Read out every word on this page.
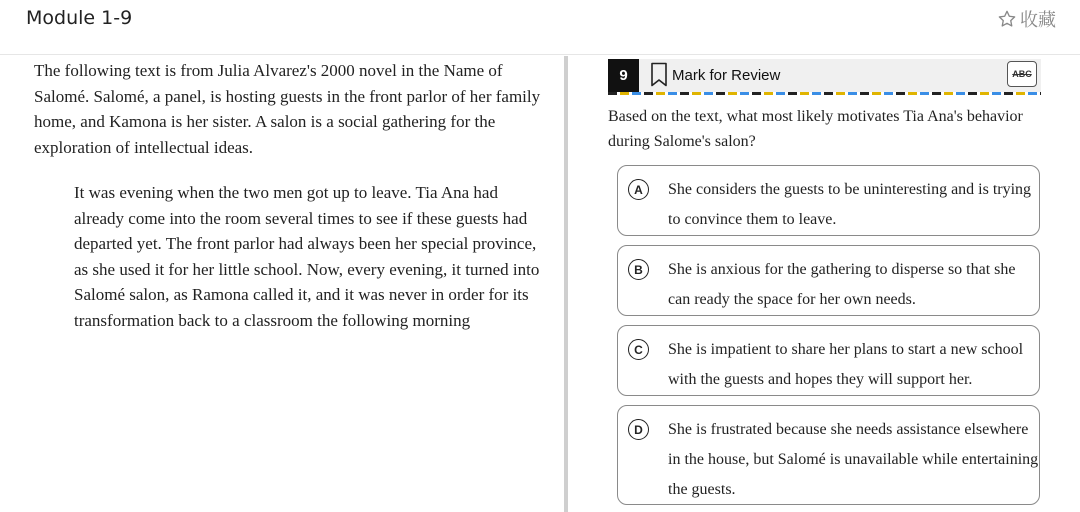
Module 1-9	收藏

The following text is from Julia Alvarez's 2000 novel in the Name of Salomé. Salomé, a panel, is hosting guests in the front parlor of her family home, and Kamona is her sister. A salon is a social gathering for the exploration of intellectual ideas.

It was evening when the two men got up to leave. Tia Ana had already come into the room several times to see if these guests had departed yet. The front parlor had always been her special province, as she used it for her little school. Now, every evening, it turned into Salomé salon, as Ramona called it, and it was never in order for its transformation back to a classroom the following morning

9	Mark for Review	ABC
Based on the text, what most likely motivates Tia Ana's behavior during Salome's salon?
A	She considers the guests to be uninteresting and is trying to convince them to leave.
B	She is anxious for the gathering to disperse so that she can ready the space for her own needs.
C	She is impatient to share her plans to start a new school with the guests and hopes they will support her.
D	She is frustrated because she needs assistance elsewhere in the house, but Salomé is unavailable while entertaining the guests.
